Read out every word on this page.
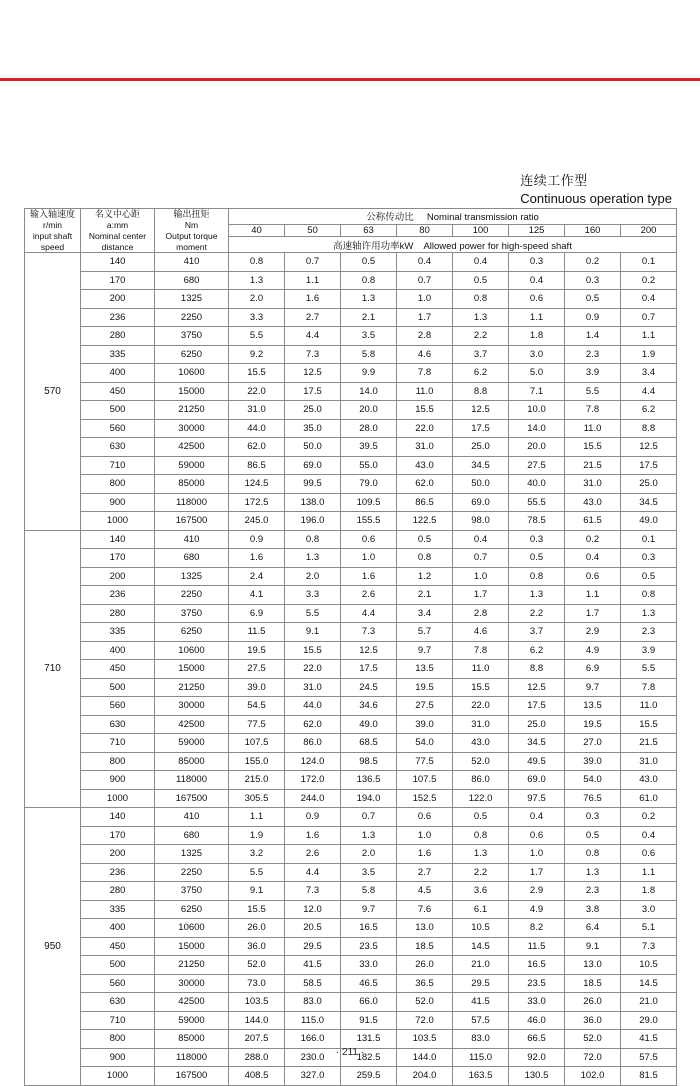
连续工作型
Continuous operation type
输入轴速度
r/min
input shaft
speed

名义中心距
a:mm
Nominal center
distance

输出扭矩
Nm
Output torque
moment
	公称传动比 Nominal transmission ratio
			40	50	63	80	100	125	160	200
			高速轴许用功率kW Allowed power for high-speed shaft							
570	140	410	0.8	0.7	0.5	0.4	0.4	0.3	0.2	0.1
	170	680	1.3	1.1	0.8	0.7	0.5	0.4	0.3	0.2
	200	1325	2.0	1.6	1.3	1.0	0.8	0.6	0.5	0.4
	236	2250	3.3	2.7	2.1	1.7	1.3	1.1	0.9	0.7
	280	3750	5.5	4.4	3.5	2.8	2.2	1.8	1.4	1.1
	335	6250	9.2	7.3	5.8	4.6	3.7	3.0	2.3	1.9
	400	10600	15.5	12.5	9.9	7.8	6.2	5.0	3.9	3.4
	450	15000	22.0	17.5	14.0	11.0	8.8	7.1	5.5	4.4
	500	21250	31.0	25.0	20.0	15.5	12.5	10.0	7.8	6.2
	560	30000	44.0	35.0	28.0	22.0	17.5	14.0	11.0	8.8
	630	42500	62.0	50.0	39.5	31.0	25.0	20.0	15.5	12.5
	710	59000	86.5	69.0	55.0	43.0	34.5	27.5	21.5	17.5
	800	85000	124.5	99.5	79.0	62.0	50.0	40.0	31.0	25.0
	900	118000	172.5	138.0	109.5	86.5	69.0	55.5	43.0	34.5
	1000	167500	245.0	196.0	155.5	122.5	98.0	78.5	61.5	49.0
710	140	410	0.9	0.8	0.6	0.5	0.4	0.3	0.2	0.1
	170	680	1.6	1.3	1.0	0.8	0.7	0.5	0.4	0.3
	200	1325	2.4	2.0	1.6	1.2	1.0	0.8	0.6	0.5
	236	2250	4.1	3.3	2.6	2.1	1.7	1.3	1.1	0.8
	280	3750	6.9	5.5	4.4	3.4	2.8	2.2	1.7	1.3
	335	6250	11.5	9.1	7.3	5.7	4.6	3.7	2.9	2.3
	400	10600	19.5	15.5	12.5	9.7	7.8	6.2	4.9	3.9
	450	15000	27.5	22.0	17.5	13.5	11.0	8.8	6.9	5.5
	500	21250	39.0	31.0	24.5	19.5	15.5	12.5	9.7	7.8
	560	30000	54.5	44.0	34.6	27.5	22.0	17.5	13.5	11.0
	630	42500	77.5	62.0	49.0	39.0	31.0	25.0	19.5	15.5
	710	59000	107.5	86.0	68.5	54.0	43.0	34.5	27.0	21.5
	800	85000	155.0	124.0	98.5	77.5	52.0	49.5	39.0	31.0
	900	118000	215.0	172.0	136.5	107.5	86.0	69.0	54.0	43.0
	1000	167500	305.5	244.0	194.0	152.5	122.0	97.5	76.5	61.0
950	140	410	1.1	0.9	0.7	0.6	0.5	0.4	0.3	0.2
	170	680	1.9	1.6	1.3	1.0	0.8	0.6	0.5	0.4
	200	1325	3.2	2.6	2.0	1.6	1.3	1.0	0.8	0.6
	236	2250	5.5	4.4	3.5	2.7	2.2	1.7	1.3	1.1
	280	3750	9.1	7.3	5.8	4.5	3.6	2.9	2.3	1.8
	335	6250	15.5	12.0	9.7	7.6	6.1	4.9	3.8	3.0
	400	10600	26.0	20.5	16.5	13.0	10.5	8.2	6.4	5.1
	450	15000	36.0	29.5	23.5	18.5	14.5	11.5	9.1	7.3
	500	21250	52.0	41.5	33.0	26.0	21.0	16.5	13.0	10.5
	560	30000	73.0	58.5	46.5	36.5	29.5	23.5	18.5	14.5
	630	42500	103.5	83.0	66.0	52.0	41.5	33.0	26.0	21.0
	710	59000	144.0	115.0	91.5	72.0	57.5	46.0	36.0	29.0
	800	85000	207.5	166.0	131.5	103.5	83.0	66.5	52.0	41.5
	900	118000	288.0	230.0	182.5	144.0	115.0	92.0	72.0	57.5
	1000	167500	408.5	327.0	259.5	204.0	163.5	130.5	102.0	81.5
· 211 ·
